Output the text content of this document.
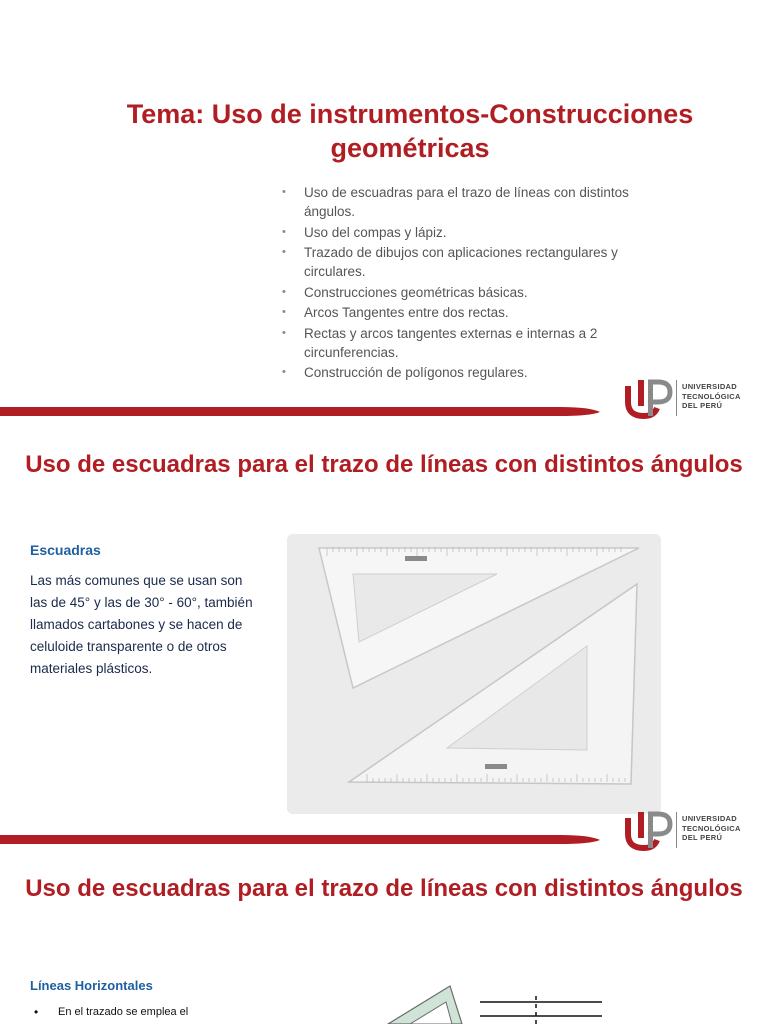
Tema: Uso de instrumentos-Construcciones geométricas
• Uso de escuadras para el trazo de líneas con distintos ángulos.
• Uso del compas y lápiz.
• Trazado de dibujos con aplicaciones rectangulares y circulares.
• Construcciones geométricas básicas.
• Arcos Tangentes entre dos rectas.
• Rectas y arcos tangentes externas e internas a 2 circunferencias.
• Construcción de polígonos regulares.
UNIVERSIDAD
TECNOLÓGICA
DEL PERÚ
Uso de escuadras para el trazo de líneas con distintos ángulos
Escuadras

Las más comunes que se usan son las de 45° y las de 30° - 60°, también llamados cartabones y se hacen de celuloide transparente o de otros materiales plásticos.

UNIVERSIDAD
TECNOLÓGICA
DEL PERÚ
Uso de escuadras para el trazo de líneas con distintos ángulos
Líneas Horizontales
• En el trazado se emplea el
